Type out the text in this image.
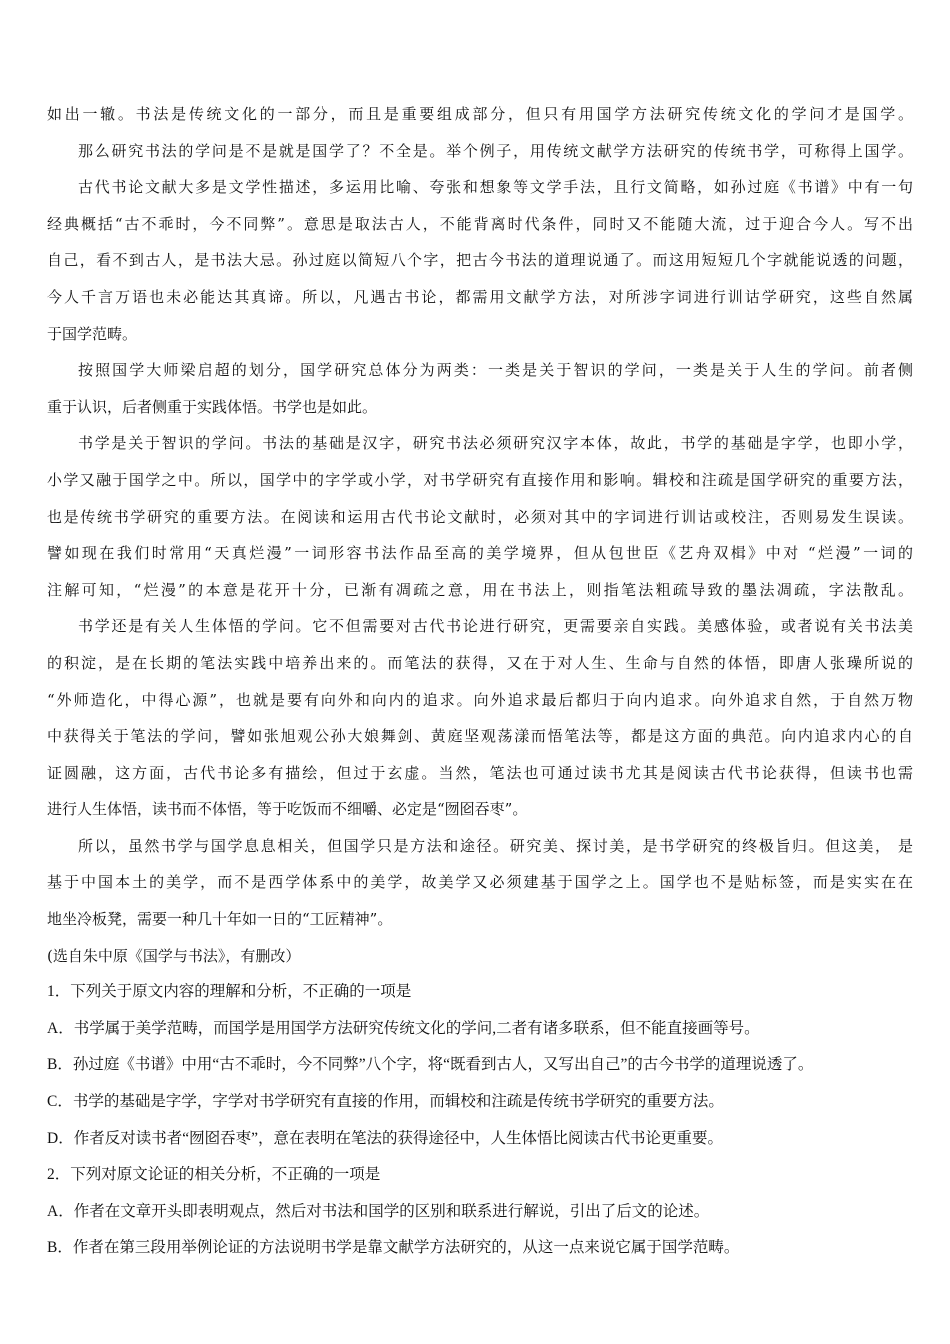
如出一辙。书法是传统文化的一部分，而且是重要组成部分，但只有用国学方法研究传统文化的学问才是国学。
那么研究书法的学问是不是就是国学了？不全是。举个例子，用传统文献学方法研究的传统书学，可称得上国学。
古代书论文献大多是文学性描述，多运用比喻、夸张和想象等文学手法，且行文简略，如孙过庭《书谱》中有一句
经典概括“古不乖时，今不同弊”。意思是取法古人，不能背离时代条件，同时又不能随大流，过于迎合今人。写不出
自己，看不到古人，是书法大忌。孙过庭以简短八个字，把古今书法的道理说通了。而这用短短几个字就能说透的问题，
今人千言万语也未必能达其真谛。所以，凡遇古书论，都需用文献学方法，对所涉字词进行训诂学研究，这些自然属
于国学范畴。
按照国学大师梁启超的划分，国学研究总体分为两类：一类是关于智识的学问，一类是关于人生的学问。前者侧
重于认识，后者侧重于实践体悟。书学也是如此。
书学是关于智识的学问。书法的基础是汉字，研究书法必须研究汉字本体，故此，书学的基础是字学，也即小学，
小学又融于国学之中。所以，国学中的字学或小学，对书学研究有直接作用和影响。辑校和注疏是国学研究的重要方法，
也是传统书学研究的重要方法。在阅读和运用古代书论文献时，必须对其中的字词进行训诂或校注，否则易发生误读。
譬如现在我们时常用“天真烂漫”一词形容书法作品至高的美学境界，但从包世臣《艺舟双楫》中对 “烂漫”一词的
注解可知，“烂漫”的本意是花开十分，已渐有凋疏之意，用在书法上，则指笔法粗疏导致的墨法凋疏，字法散乱。
书学还是有关人生体悟的学问。它不但需要对古代书论进行研究，更需要亲自实践。美感体验，或者说有关书法美
的积淀，是在长期的笔法实践中培养出来的。而笔法的获得，又在于对人生、生命与自然的体悟，即唐人张璪所说的
“外师造化，中得心源”，也就是要有向外和向内的追求。向外追求最后都归于向内追求。向外追求自然，于自然万物
中获得关于笔法的学问，譬如张旭观公孙大娘舞剑、黄庭坚观荡漾而悟笔法等，都是这方面的典范。向内追求内心的自
证圆融，这方面，古代书论多有描绘，但过于玄虚。当然，笔法也可通过读书尤其是阅读古代书论获得，但读书也需
进行人生体悟，读书而不体悟，等于吃饭而不细嚼、必定是“囫囵吞枣”。
所以，虽然书学与国学息息相关，但国学只是方法和途径。研究美、探讨美，是书学研究的终极旨归。但这美， 是
基于中国本土的美学，而不是西学体系中的美学，故美学又必须建基于国学之上。国学也不是贴标签，而是实实在在
地坐冷板凳，需要一种几十年如一日的“工匠精神”。
(选自朱中原《国学与书法》，有删改）
1．下列关于原文内容的理解和分析，不正确的一项是
A．书学属于美学范畴，而国学是用国学方法研究传统文化的学问,二者有诸多联系，但不能直接画等号。
B．孙过庭《书谱》中用“古不乖时，今不同弊”八个字，将“既看到古人，又写出自己”的古今书学的道理说透了。
C．书学的基础是字学，字学对书学研究有直接的作用，而辑校和注疏是传统书学研究的重要方法。
D．作者反对读书者“囫囵吞枣”，意在表明在笔法的获得途径中，人生体悟比阅读古代书论更重要。
2．下列对原文论证的相关分析，不正确的一项是
A．作者在文章开头即表明观点，然后对书法和国学的区别和联系进行解说，引出了后文的论述。
B．作者在第三段用举例论证的方法说明书学是靠文献学方法研究的，从这一点来说它属于国学范畴。
